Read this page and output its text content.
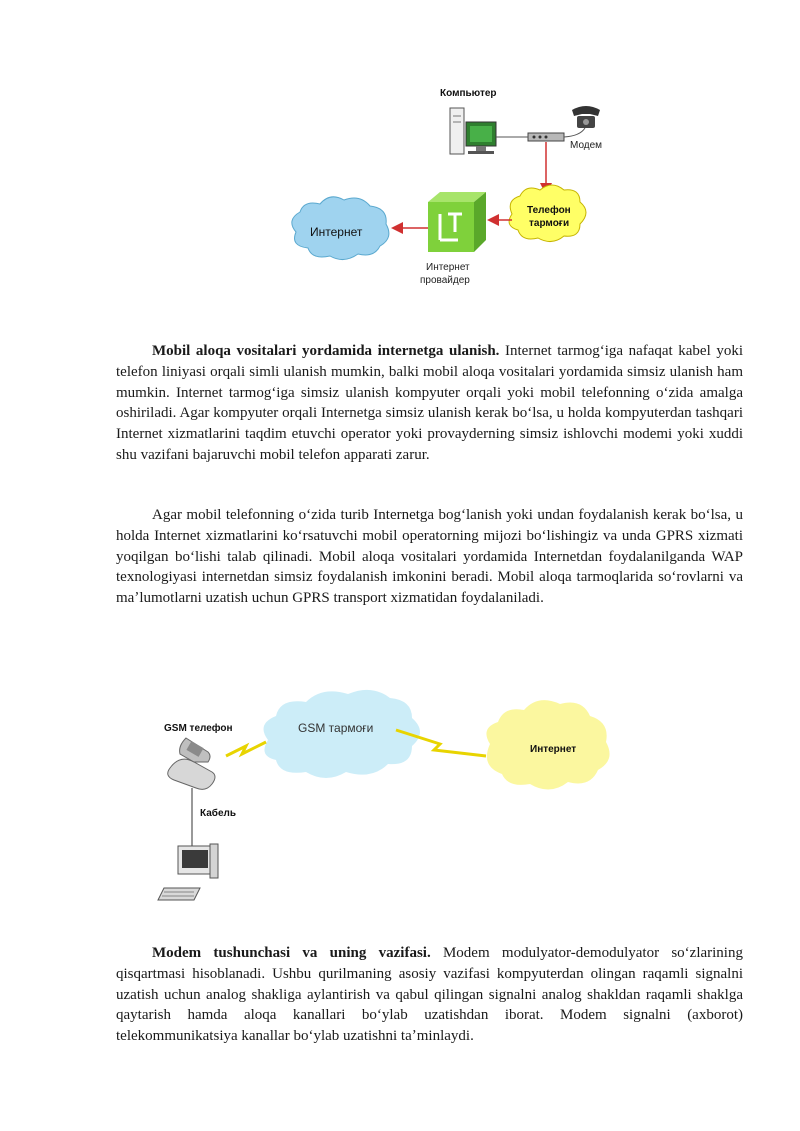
Компьютер
Модем
Телефон
тармоғи
Интернет
провайдер
Интернет

Mobil aloqa vositalari yordamida internetga ulanish. Internet tarmogʻiga nafaqat kabel yoki telefon liniyasi orqali simli ulanish mumkin, balki mobil aloqa vositalari yordamida simsiz ulanish ham mumkin. Internet tarmogʻiga simsiz ulanish kompyuter orqali yoki mobil telefonning oʻzida amalga oshiriladi. Agar kompyuter orqali Internetga simsiz ulanish kerak boʻlsa, u holda kompyuterdan tashqari Internet xizmatlarini taqdim etuvchi operator yoki provayderning simsiz ishlovchi modemi yoki xuddi shu vazifani bajaruvchi mobil telefon apparati zarur.

Agar mobil telefonning oʻzida turib Internetga bogʻlanish yoki undan foydalanish kerak boʻlsa, u holda Internet xizmatlarini koʻrsatuvchi mobil operatorning mijozi boʻlishingiz va unda GPRS xizmati yoqilgan boʻlishi talab qilinadi. Mobil aloqa vositalari yordamida Internetdan foydalanilganda WAP texnologiyasi internetdan simsiz foydalanish imkonini beradi. Mobil aloqa tarmoqlarida soʻrovlarni va maʼlumotlarni uzatish uchun GPRS transport xizmatidan foydalaniladi.

GSM тармоғи
Интернет
GSM телефон
Кабель

Modem tushunchasi va uning vazifasi. Modem modulyator-demodulyator soʻzlarining qisqartmasi hisoblanadi. Ushbu qurilmaning asosiy vazifasi kompyuterdan olingan raqamli signalni uzatish uchun analog shakliga aylantirish va qabul qilingan signalni analog shakldan raqamli shaklga qaytarish hamda aloqa kanallari boʻylab uzatishdan iborat. Modem signalni (axborot) telekommunikatsiya kanallar boʻylab uzatishni taʼminlaydi.
